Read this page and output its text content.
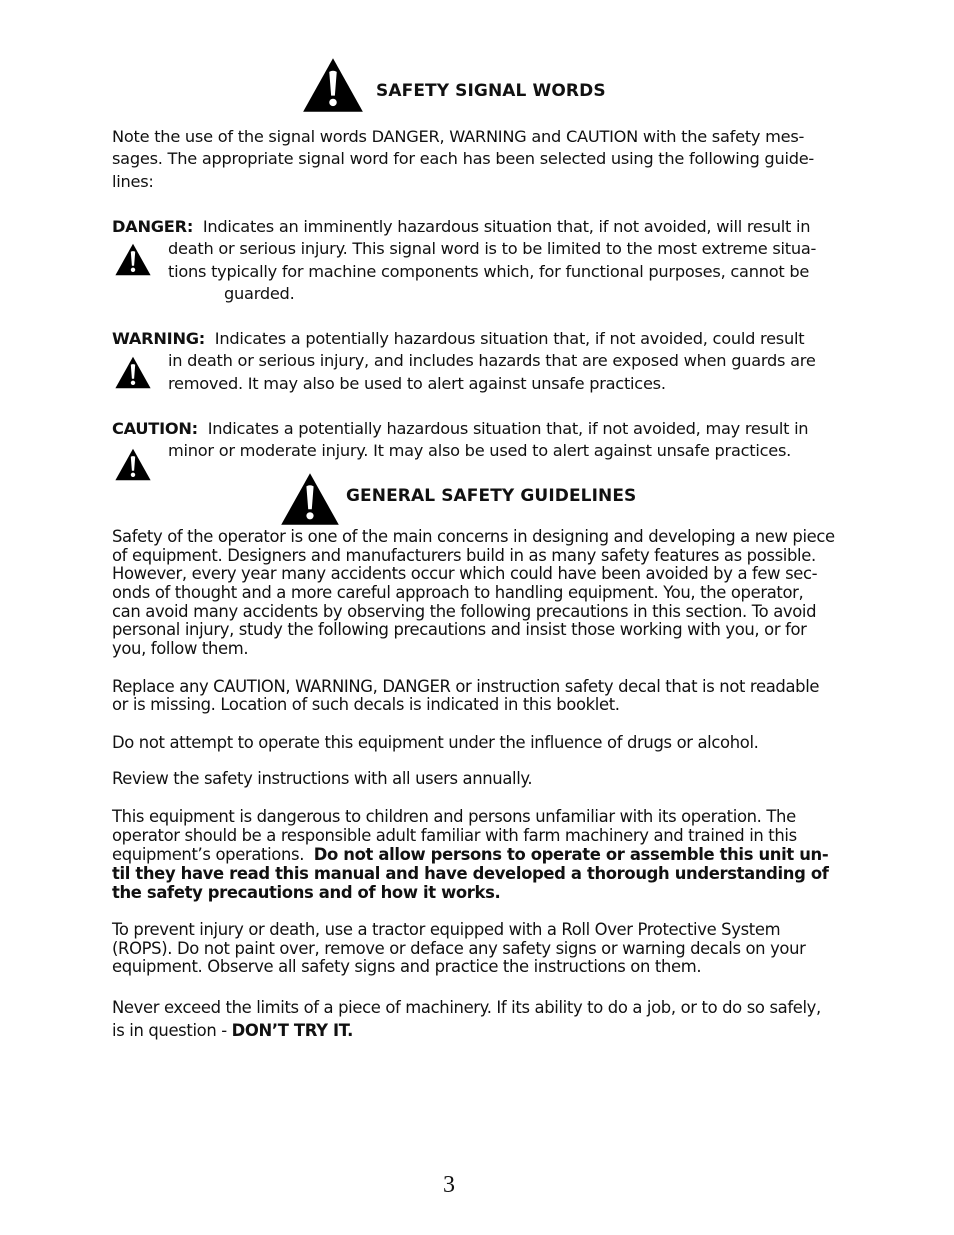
SAFETY SIGNAL WORDS
Note the use of the signal words DANGER, WARNING and CAUTION with the safety mes-
sages. The appropriate signal word for each has been selected using the following guide-
lines:
DANGER:  Indicates an imminently hazardous situation that, if not avoided, will result in
death or serious injury. This signal word is to be limited to the most extreme situa-
tions typically for machine components which, for functional purposes, cannot be
guarded.
WARNING:  Indicates a potentially hazardous situation that, if not avoided, could result
in death or serious injury, and includes hazards that are exposed when guards are
removed. It may also be used to alert against unsafe practices.
CAUTION:  Indicates a potentially hazardous situation that, if not avoided, may result in
minor or moderate injury. It may also be used to alert against unsafe practices.
GENERAL SAFETY GUIDELINES
Safety of the operator is one of the main concerns in designing and developing a new piece
of equipment. Designers and manufacturers build in as many safety features as possible.
However, every year many accidents occur which could have been avoided by a few sec-
onds of thought and a more careful approach to handling equipment. You, the operator,
can avoid many accidents by observing the following precautions in this section. To avoid
personal injury, study the following precautions and insist those working with you, or for
you, follow them.
Replace any CAUTION, WARNING, DANGER or instruction safety decal that is not readable
or is missing. Location of such decals is indicated in this booklet.
Do not attempt to operate this equipment under the influence of drugs or alcohol.
Review the safety instructions with all users annually.
This equipment is dangerous to children and persons unfamiliar with its operation. The
operator should be a responsible adult familiar with farm machinery and trained in this
equipment’s operations.  Do not allow persons to operate or assemble this unit un-
til they have read this manual and have developed a thorough understanding of
the safety precautions and of how it works.
To prevent injury or death, use a tractor equipped with a Roll Over Protective System
(ROPS). Do not paint over, remove or deface any safety signs or warning decals on your
equipment. Observe all safety signs and practice the instructions on them.
Never exceed the limits of a piece of machinery. If its ability to do a job, or to do so safely,
is in question - DON’T TRY IT.
3
